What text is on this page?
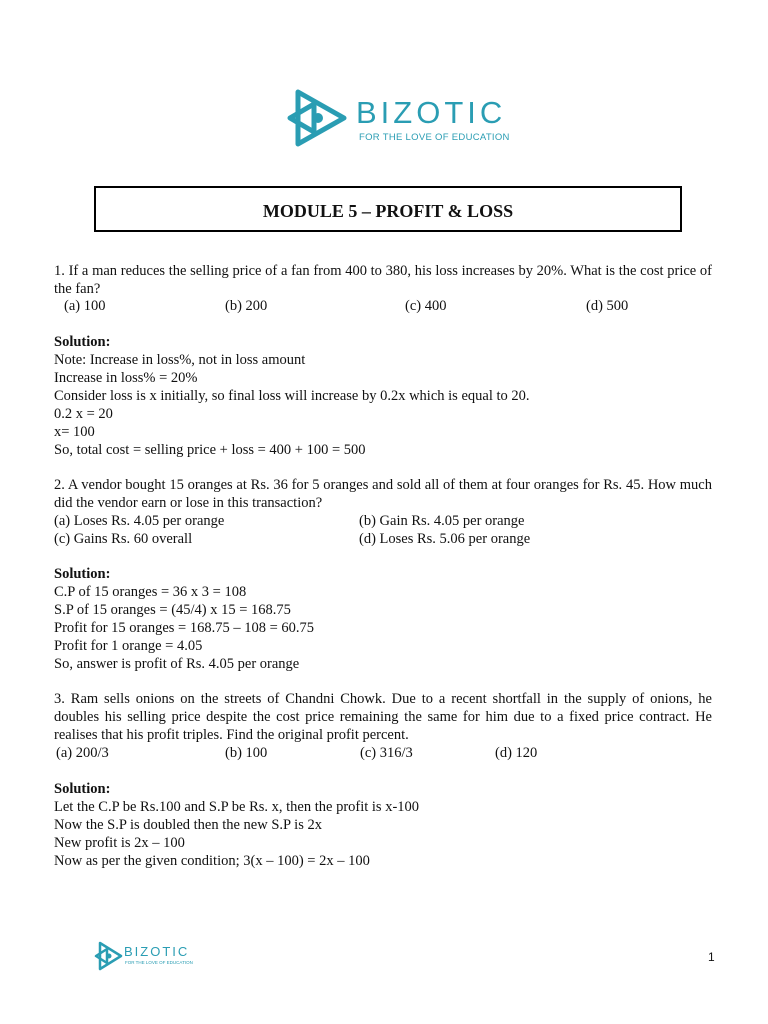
BIZOTIC
FOR THE LOVE OF EDUCATION
MODULE 5 – PROFIT & LOSS
1. If a man reduces the selling price of a fan from 400 to 380, his loss increases by 20%. What is the cost price of the fan?
(a) 100	(b) 200	(c) 400	(d) 500
Solution:
Note: Increase in loss%, not in loss amount
Increase in loss% = 20%
Consider loss is x initially, so final loss will increase by 0.2x which is equal to 20.
0.2 x = 20
x= 100
So, total cost = selling price + loss = 400 + 100 = 500
2. A vendor bought 15 oranges at Rs. 36 for 5 oranges and sold all of them at four oranges for Rs. 45. How much did the vendor earn or lose in this transaction?
(a) Loses Rs. 4.05 per orange	(b) Gain Rs. 4.05 per orange
(c) Gains Rs. 60 overall	(d) Loses Rs. 5.06 per orange
Solution:
C.P of 15 oranges = 36 x 3 = 108
S.P of 15 oranges = (45/4) x 15 = 168.75
Profit for 15 oranges = 168.75 – 108 = 60.75
Profit for 1 orange = 4.05
So, answer is profit of Rs. 4.05 per orange
3. Ram sells onions on the streets of Chandni Chowk. Due to a recent shortfall in the supply of onions, he doubles his selling price despite the cost price remaining the same for him due to a fixed price contract. He realises that his profit triples. Find the original profit percent.
(a) 200/3	(b) 100	(c) 316/3	(d) 120
Solution:
Let the C.P be Rs.100 and S.P be Rs. x, then the profit is x-100
Now the S.P is doubled then the new S.P is 2x
New profit is 2x – 100
Now as per the given condition; 3(x – 100) = 2x – 100
BIZOTIC
FOR THE LOVE OF EDUCATION	1
